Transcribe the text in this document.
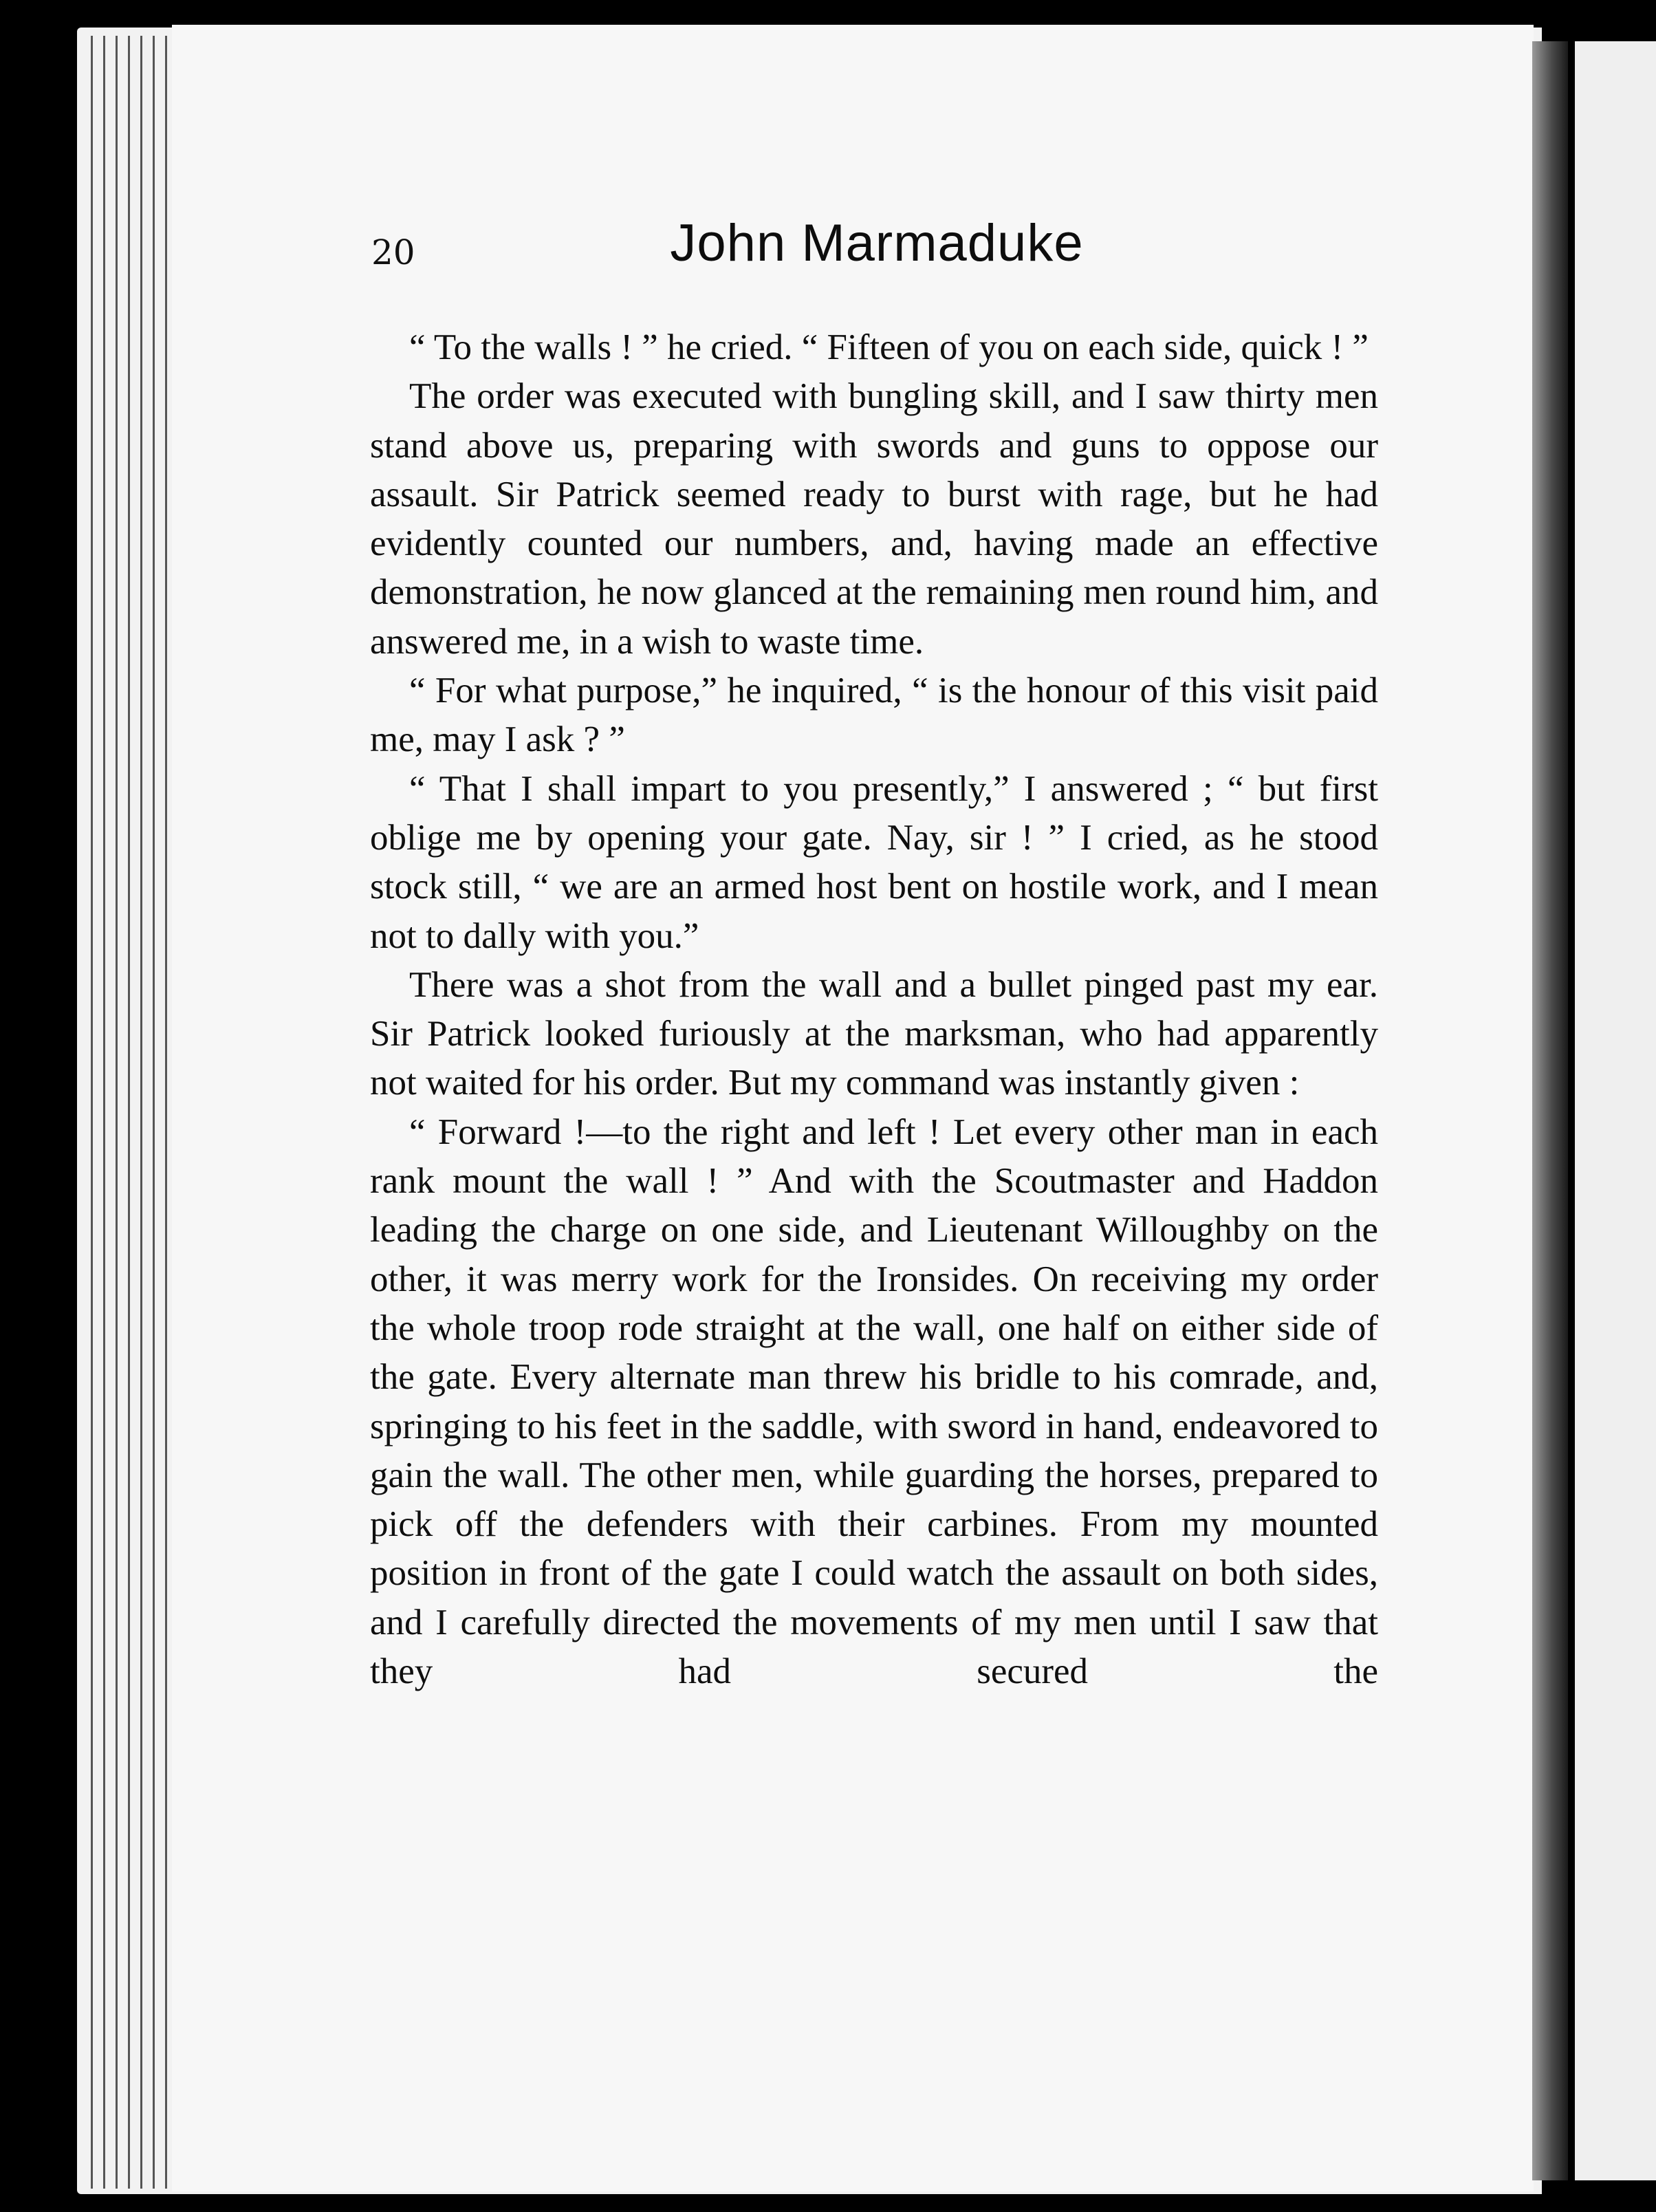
20	John Marmaduke

“ To the walls ! ” he cried. “ Fifteen of you on each side, quick ! ”

The order was executed with bungling skill, and I saw thirty men stand above us, preparing with swords and guns to oppose our assault. Sir Patrick seemed ready to burst with rage, but he had evidently counted our numbers, and, having made an effective demonstration, he now glanced at the remaining men round him, and answered me, in a wish to waste time.

“ For what purpose,” he inquired, “ is the honour of this visit paid me, may I ask ? ”

“ That I shall impart to you presently,” I answered ; “ but first oblige me by opening your gate. Nay, sir ! ” I cried, as he stood stock still, “ we are an armed host bent on hostile work, and I mean not to dally with you.”

There was a shot from the wall and a bullet pinged past my ear. Sir Patrick looked furiously at the marksman, who had apparently not waited for his order. But my command was instantly given :

“ Forward !—to the right and left ! Let every other man in each rank mount the wall ! ” And with the Scoutmaster and Haddon leading the charge on one side, and Lieutenant Willoughby on the other, it was merry work for the Ironsides. On receiving my order the whole troop rode straight at the wall, one half on either side of the gate. Every alternate man threw his bridle to his comrade, and, springing to his feet in the saddle, with sword in hand, endeavored to gain the wall. The other men, while guarding the horses, prepared to pick off the defenders with their carbines. From my mounted position in front of the gate I could watch the assault on both sides, and I carefully directed the movements of my men until I saw that they had secured the
